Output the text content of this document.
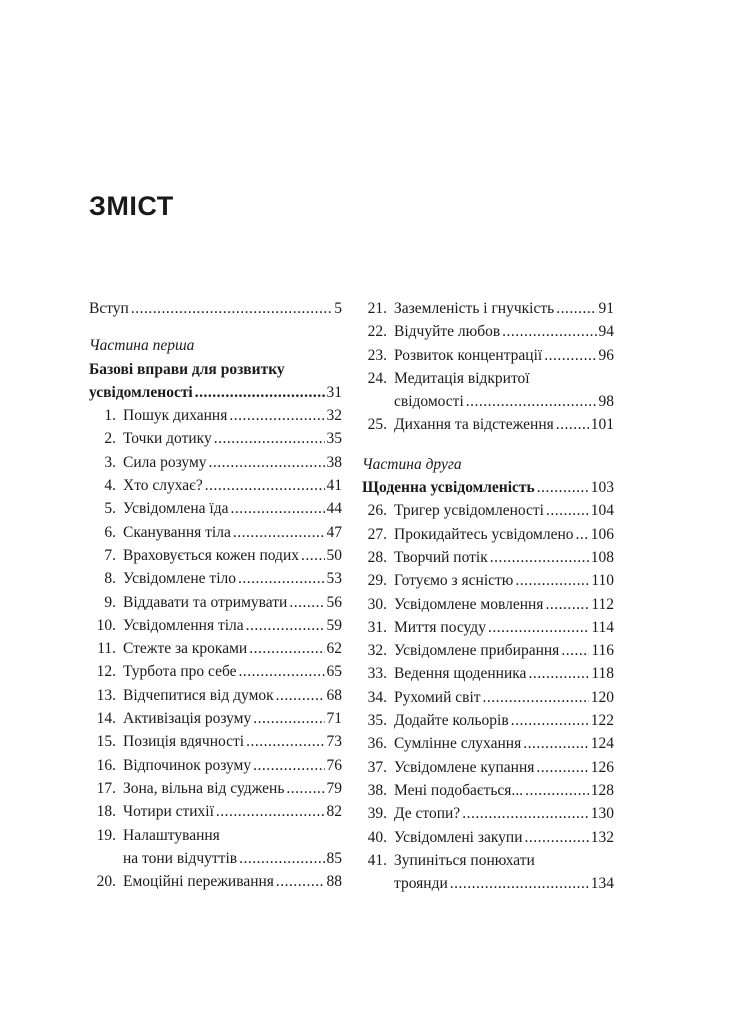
ЗМІСТ
Вступ .....	5
Частина перша
Базові вправи для розвитку
усвідомленості .....	31
1. Пошук дихання .....	32
2. Точки дотику .....	35
3. Сила розуму .....	38
4. Хто слухає? .....	41
5. Усвідомлена їда .....	44
6. Сканування тіла .....	47
7. Враховується кожен подих ..... 50
8. Усвідомлене тіло .....	53
9. Віддавати та отримувати .....	56
10. Усвідомлення тіла .....	59
11. Стежте за кроками .....	62
12. Турбота про себе .....	65
13. Відчепитися від думок .....	68
14. Активізація розуму .....	71
15. Позиція вдячності .....	73
16. Відпочинок розуму .....	76
17. Зона, вільна від суджень .....	79
18. Чотири стихії .....	82
19. Налаштування
на тони відчуттів .....	85
20. Емоційні переживання .....	88
21. Заземленість і гнучкість .....	91
22. Відчуйте любов .....	94
23. Розвиток концентрації .....	96
24. Медитація відкритої
свідомості .....	98
25. Дихання та відстеження ..... 101
Частина друга
Щоденна усвідомленість .....	103
26. Тригер усвідомленості .....	104
27. Прокидайтесь усвідомлено ..... 106
28. Творчий потік .....	108
29. Готуємо з ясністю .....	110
30. Усвідомлене мовлення .....	112
31. Миття посуду .....	114
32. Усвідомлене прибирання ..... 116
33. Ведення щоденника .....	118
34. Рухомий світ .....	120
35. Додайте кольорів .....	122
36. Сумлінне слухання .....	124
37. Усвідомлене купання .....	126
38. Мені подобається... .....	128
39. Де стопи? .....	130
40. Усвідомлені закупи .....	132
41. Зупиніться понюхати
троянди .....	134
